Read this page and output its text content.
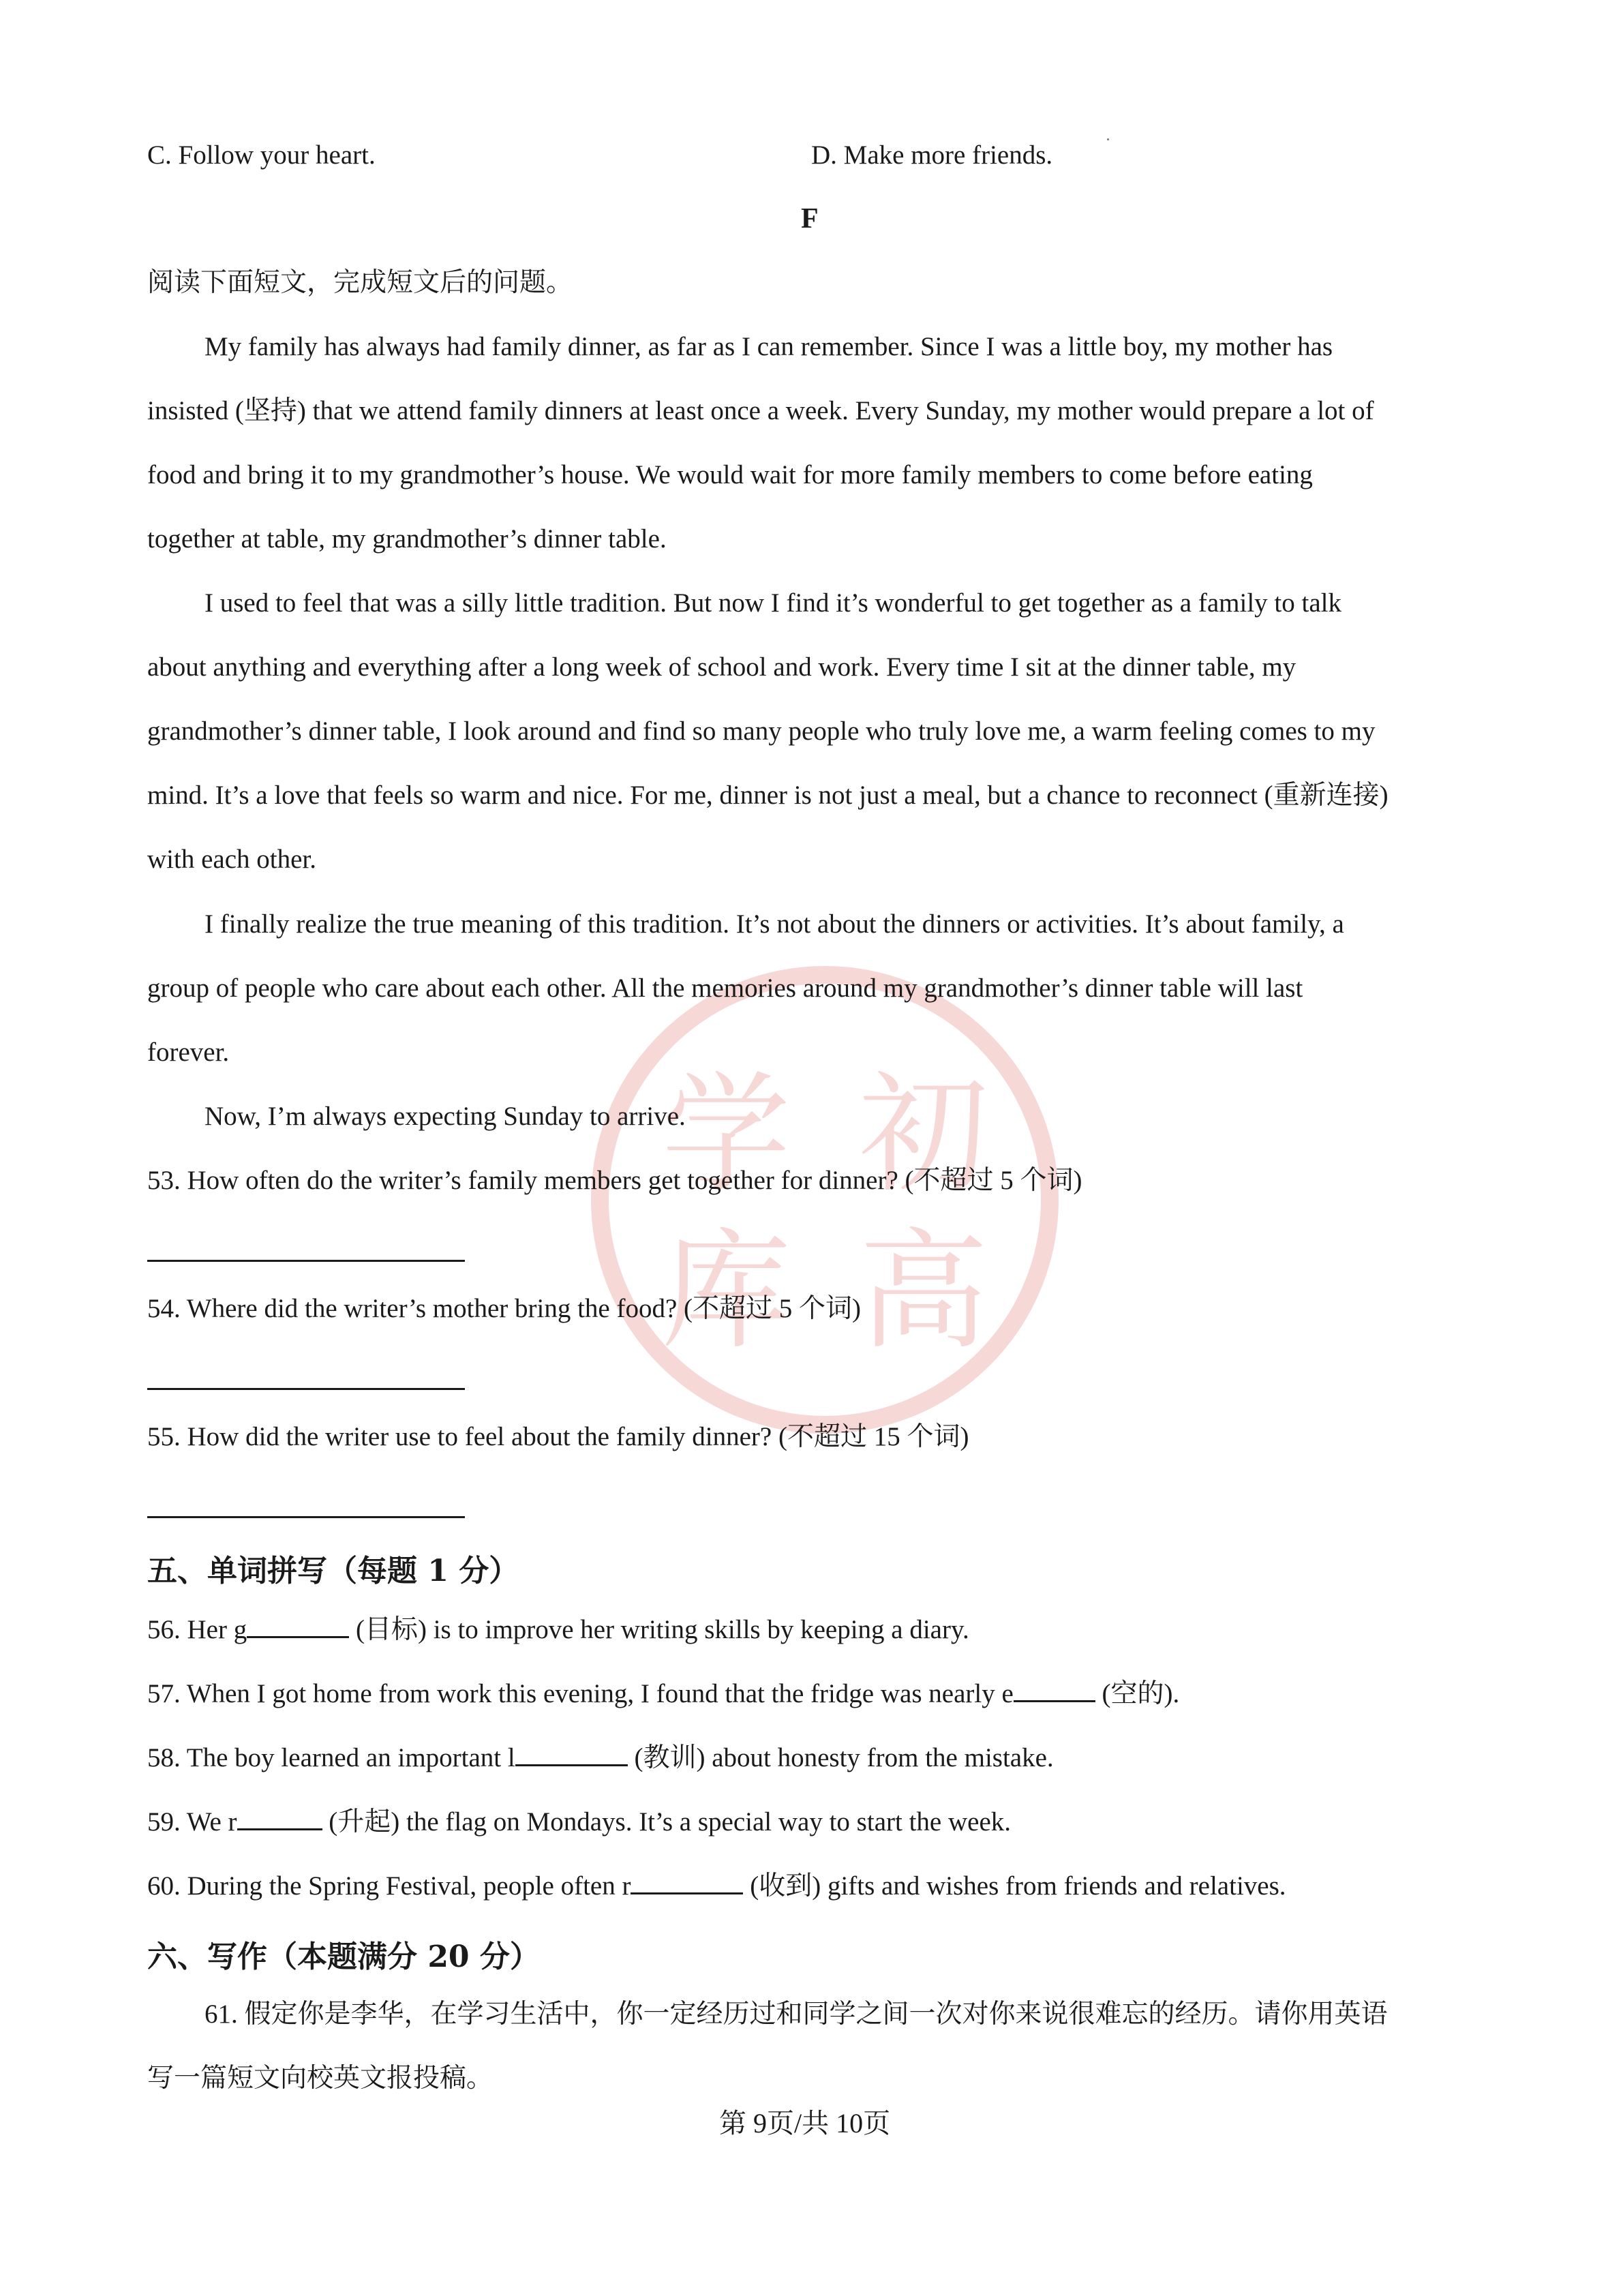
学 初
库 高
C. Follow your heart.	D. Make more friends.
F
阅读下面短文，完成短文后的问题。
My family has always had family dinner, as far as I can remember. Since I was a little boy, my mother has
insisted (坚持) that we attend family dinners at least once a week. Every Sunday, my mother would prepare a lot of
food and bring it to my grandmother’s house. We would wait for more family members to come before eating
together at table, my grandmother’s dinner table.
I used to feel that was a silly little tradition. But now I find it’s wonderful to get together as a family to talk
about anything and everything after a long week of school and work. Every time I sit at the dinner table, my
grandmother’s dinner table, I look around and find so many people who truly love me, a warm feeling comes to my
mind. It’s a love that feels so warm and nice. For me, dinner is not just a meal, but a chance to reconnect (重新连接)
with each other.
I finally realize the true meaning of this tradition. It’s not about the dinners or activities. It’s about family, a
group of people who care about each other. All the memories around my grandmother’s dinner table will last
forever.
Now, I’m always expecting Sunday to arrive.
53. How often do the writer’s family members get together for dinner? (不超过 5 个词)
54. Where did the writer’s mother bring the food? (不超过 5 个词)
55. How did the writer use to feel about the family dinner? (不超过 15 个词)
五、单词拼写（每题 1 分）
56. Her g	(目标) is to improve her writing skills by keeping a diary.
57. When I got home from work this evening, I found that the fridge was nearly e	(空的).
58. The boy learned an important l	(教训) about honesty from the mistake.
59. We r	(升起) the flag on Mondays. It’s a special way to start the week.
60. During the Spring Festival, people often r	(收到) gifts and wishes from friends and relatives.
六、写作（本题满分 20 分）
61. 假定你是李华，在学习生活中，你一定经历过和同学之间一次对你来说很难忘的经历。请你用英语
写一篇短文向校英文报投稿。
第 9页/共 10页
